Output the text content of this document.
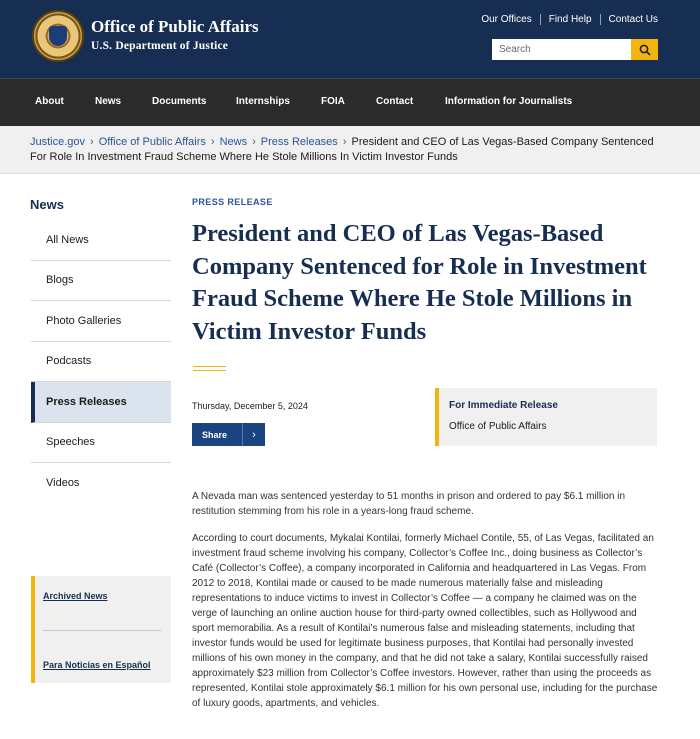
Office of Public Affairs
U.S. Department of Justice
Our Offices Find Help Contact Us
Search
About	News	Documents	Internships	FOIA	Contact	Information for Journalists
Justice.gov › Office of Public Affairs › News › Press Releases › President and CEO of Las Vegas-Based Company Sentenced For Role In Investment Fraud Scheme Where He Stole Millions In Victim Investor Funds
News
All News
Blogs
Photo Galleries
Podcasts
Press Releases
Speeches
Videos
Archived News
Para Noticias en Español
PRESS RELEASE
President and CEO of Las Vegas-Based Company Sentenced for Role in Investment Fraud Scheme Where He Stole Millions in Victim Investor Funds
Thursday, December 5, 2024
Share	›
For Immediate Release
Office of Public Affairs

A Nevada man was sentenced yesterday to 51 months in prison and ordered to pay $6.1 million in restitution stemming from his role in a years-long fraud scheme.

According to court documents, Mykalai Kontilai, formerly Michael Contile, 55, of Las Vegas, facilitated an investment fraud scheme involving his company, Collector’s Coffee Inc., doing business as Collector’s Café (Collector’s Coffee), a company incorporated in California and headquartered in Las Vegas. From 2012 to 2018, Kontilai made or caused to be made numerous materially false and misleading representations to induce victims to invest in Collector’s Coffee — a company he claimed was on the verge of launching an online auction house for third-party owned collectibles, such as Hollywood and sport memorabilia. As a result of Kontilai’s numerous false and misleading statements, including that investor funds would be used for legitimate business purposes, that Kontilai had personally invested millions of his own money in the company, and that he did not take a salary, Kontilai successfully raised approximately $23 million from Collector’s Coffee investors. However, rather than using the proceeds as represented, Kontilai stole approximately $6.1 million for his own personal use, including for the purchase of luxury goods, apartments, and vehicles.
